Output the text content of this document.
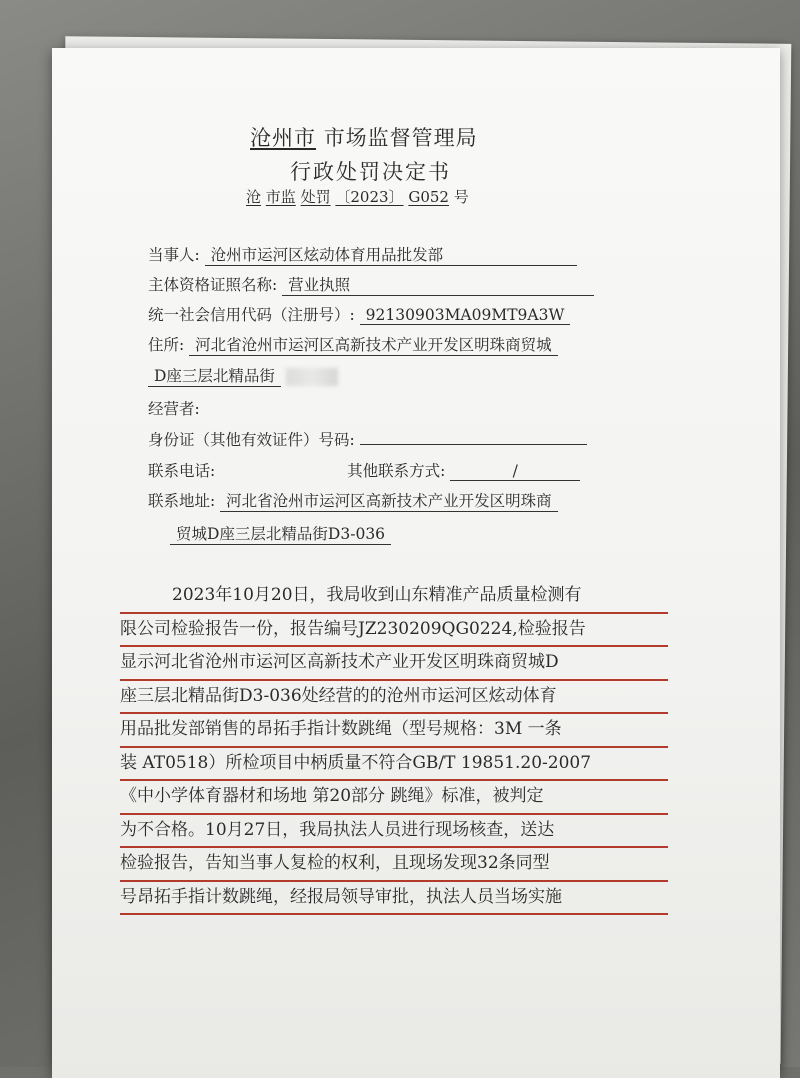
沧州市 市场监督管理局
行政处罚决定书
沧 市监 处罚 〔2023〕 G052 号
当事人: 沧州市运河区炫动体育用品批发部
主体资格证照名称: 营业执照
统一社会信用代码（注册号）: 92130903MA09MT9A3W
住所: 河北省沧州市运河区高新技术产业开发区明珠商贸城
D座三层北精品街
经营者:
身份证（其他有效证件）号码:
联系电话:	其他联系方式:	/
联系地址: 河北省沧州市运河区高新技术产业开发区明珠商
贸城D座三层北精品街D3-036
2023年10月20日，我局收到山东精准产品质量检测有
限公司检验报告一份，报告编号JZ230209QG0224,检验报告
显示河北省沧州市运河区高新技术产业开发区明珠商贸城D
座三层北精品街D3-036处经营的的沧州市运河区炫动体育
用品批发部销售的昂拓手指计数跳绳（型号规格：3M 一条
装 AT0518）所检项目中柄质量不符合GB/T 19851.20-2007
《中小学体育器材和场地 第20部分 跳绳》标准，被判定
为不合格。10月27日，我局执法人员进行现场核查，送达
检验报告，告知当事人复检的权利，且现场发现32条同型
号昂拓手指计数跳绳，经报局领导审批，执法人员当场实施
